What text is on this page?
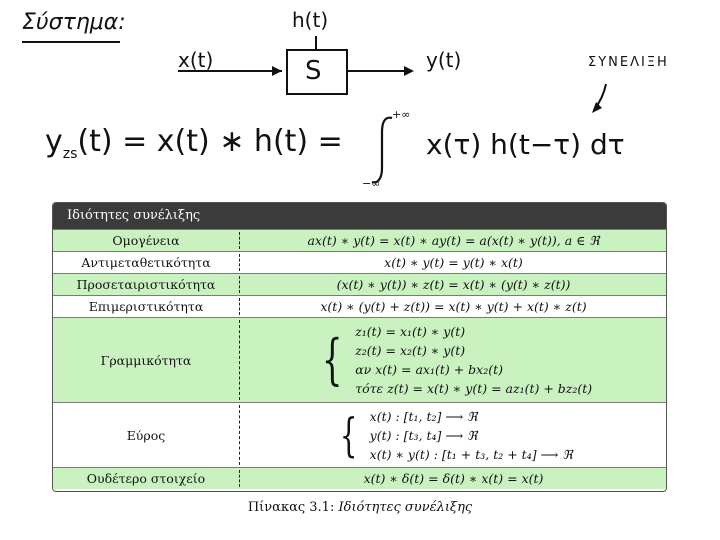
Σύστημα:	h(t)
S
x(t)	y(t)	ΣΥΝΕΛΙΞΗ
$y_{zs}(t) = x(t)$ ∗ h(t) =
+∞
−∞
x(τ) h(t−τ) dτ
Ιδιότητες συνέλιξης
Ομογένεια	ax(t) ∗ y(t) = x(t) ∗ ay(t) = a(x(t) ∗ y(t)), a ∈ ℜ
Αντιμεταθετικότητα	x(t) ∗ y(t) = y(t) ∗ x(t)
Προσεταιριστικότητα	(x(t) ∗ y(t)) ∗ z(t) = x(t) ∗ (y(t) ∗ z(t))
Επιμεριστικότητα	x(t) ∗ (y(t) + z(t)) = x(t) ∗ y(t) + x(t) ∗ z(t)
Γραμμικότητα	{ z₁(t) = x₁(t) ∗ y(t)
z₂(t) = x₂(t) ∗ y(t)
αν x(t) = ax₁(t) + bx₂(t)
τότε z(t) = x(t) ∗ y(t) = az₁(t) + bz₂(t)
Εύρος	{ x(t) : [t₁, t₂] ⟶ ℜ
y(t) : [t₃, t₄] ⟶ ℜ
x(t) ∗ y(t) : [t₁ + t₃, t₂ + t₄] ⟶ ℜ
Ουδέτερο στοιχείο	x(t) ∗ δ(t) = δ(t) ∗ x(t) = x(t)
Πίνακας 3.1: Ιδιότητες συνέλιξης
